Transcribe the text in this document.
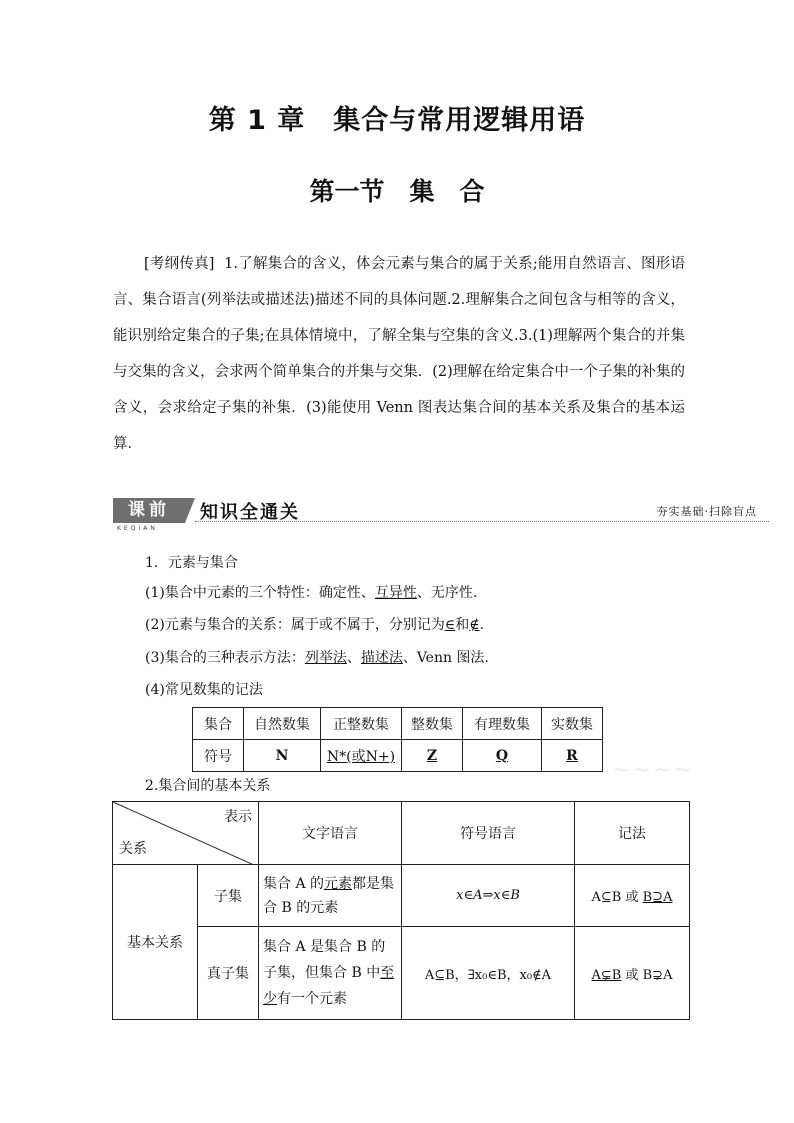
第 1 章　集合与常用逻辑用语
第一节　集　合

[考纲传真] 1.了解集合的含义，体会元素与集合的属于关系;能用自然语言、图形语言、集合语言(列举法或描述法)描述不同的具体问题.2.理解集合之间包含与相等的含义，能识别给定集合的子集;在具体情境中，了解全集与空集的含义.3.(1)理解两个集合的并集与交集的含义，会求两个简单集合的并集与交集．(2)理解在给定集合中一个子集的补集的含义，会求给定子集的补集．(3)能使用 Venn 图表达集合间的基本关系及集合的基本运算．

课前
KEQIAN
知识全通关	夯实基础·扫除盲点
1．元素与集合
(1)集合中元素的三个特性：确定性、互异性、无序性.
(2)元素与集合的关系：属于或不属于，分别记为∈和∉.
(3)集合的三种表示方法：列举法、描述法、Venn 图法.
(4)常见数集的记法
集合	自然数集	正整数集	整数集	有理数集	实数集
符号	N	N*(或N+)	Z	Q	R
2.集合间的基本关系
~~~~
表示
关系		文字语言	符号语言	记法
基本关系	子集	集合 A 的元素都是集合 B 的元素	x∈A⇒x∈B	A⊆B 或 B⊇A
	真子集	集合 A 是集合 B 的子集，但集合 B 中至少有一个元素	A⊆B，∃x₀∈B，x₀∉A	A⊊B 或 B⊋A
